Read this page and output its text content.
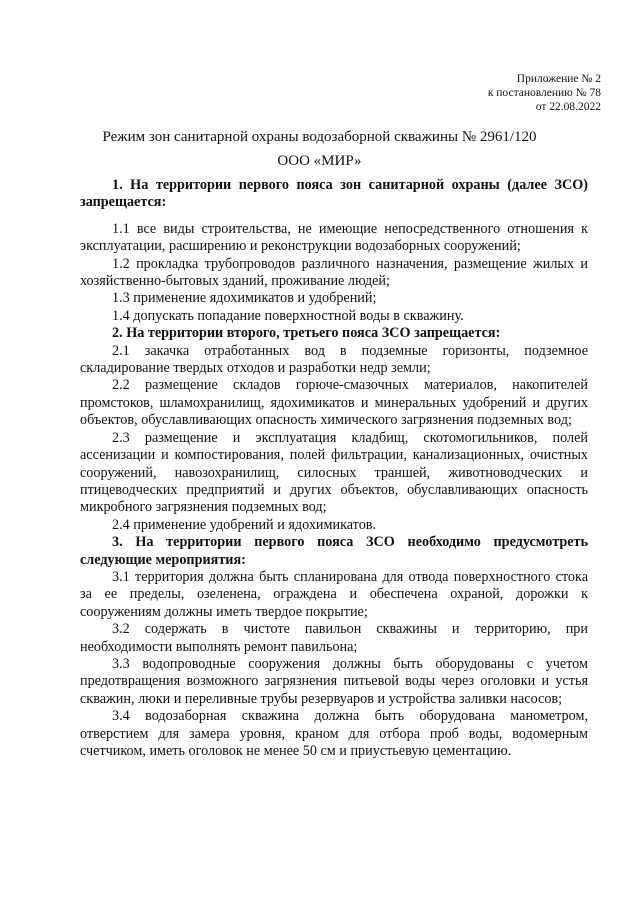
Приложение № 2
к постановлению № 78
от 22.08.2022
Режим зон санитарной охраны водозаборной скважины № 2961/120
ООО «МИР»

1. На территории первого пояса зон санитарной охраны (далее ЗСО) запрещается:

1.1 все виды строительства, не имеющие непосредственного отношения к эксплуатации, расширению и реконструкции водозаборных сооружений;

1.2 прокладка трубопроводов различного назначения, размещение жилых и хозяйственно-бытовых зданий, проживание людей;

1.3 применение ядохимикатов и удобрений;

1.4 допускать попадание поверхностной воды в скважину.

2. На территории второго, третьего пояса ЗСО запрещается:

2.1 закачка отработанных вод в подземные горизонты, подземное складирование твердых отходов и разработки недр земли;

2.2 размещение складов горюче-смазочных материалов, накопителей промстоков, шламохранилищ, ядохимикатов и минеральных удобрений и других объектов, обуславливающих опасность химического загрязнения подземных вод;

2.3 размещение и эксплуатация кладбищ, скотомогильников, полей ассенизации и компостирования, полей фильтрации, канализационных, очистных сооружений, навозохранилищ, силосных траншей, животноводческих и птицеводческих предприятий и других объектов, обуславливающих опасность микробного загрязнения подземных вод;

2.4 применение удобрений и ядохимикатов.

3. На территории первого пояса ЗСО необходимо предусмотреть следующие мероприятия:

3.1 территория должна быть спланирована для отвода поверхностного стока за ее пределы, озеленена, ограждена и обеспечена охраной, дорожки к сооружениям должны иметь твердое покрытие;

3.2 содержать в чистоте павильон скважины и территорию, при необходимости выполнять ремонт павильона;

3.3 водопроводные сооружения должны быть оборудованы с учетом предотвращения возможного загрязнения питьевой воды через оголовки и устья скважин, люки и переливные трубы резервуаров и устройства заливки насосов;

3.4 водозаборная скважина должна быть оборудована манометром, отверстием для замера уровня, краном для отбора проб воды, водомерным счетчиком, иметь оголовок не менее 50 см и приустьевую цементацию.
